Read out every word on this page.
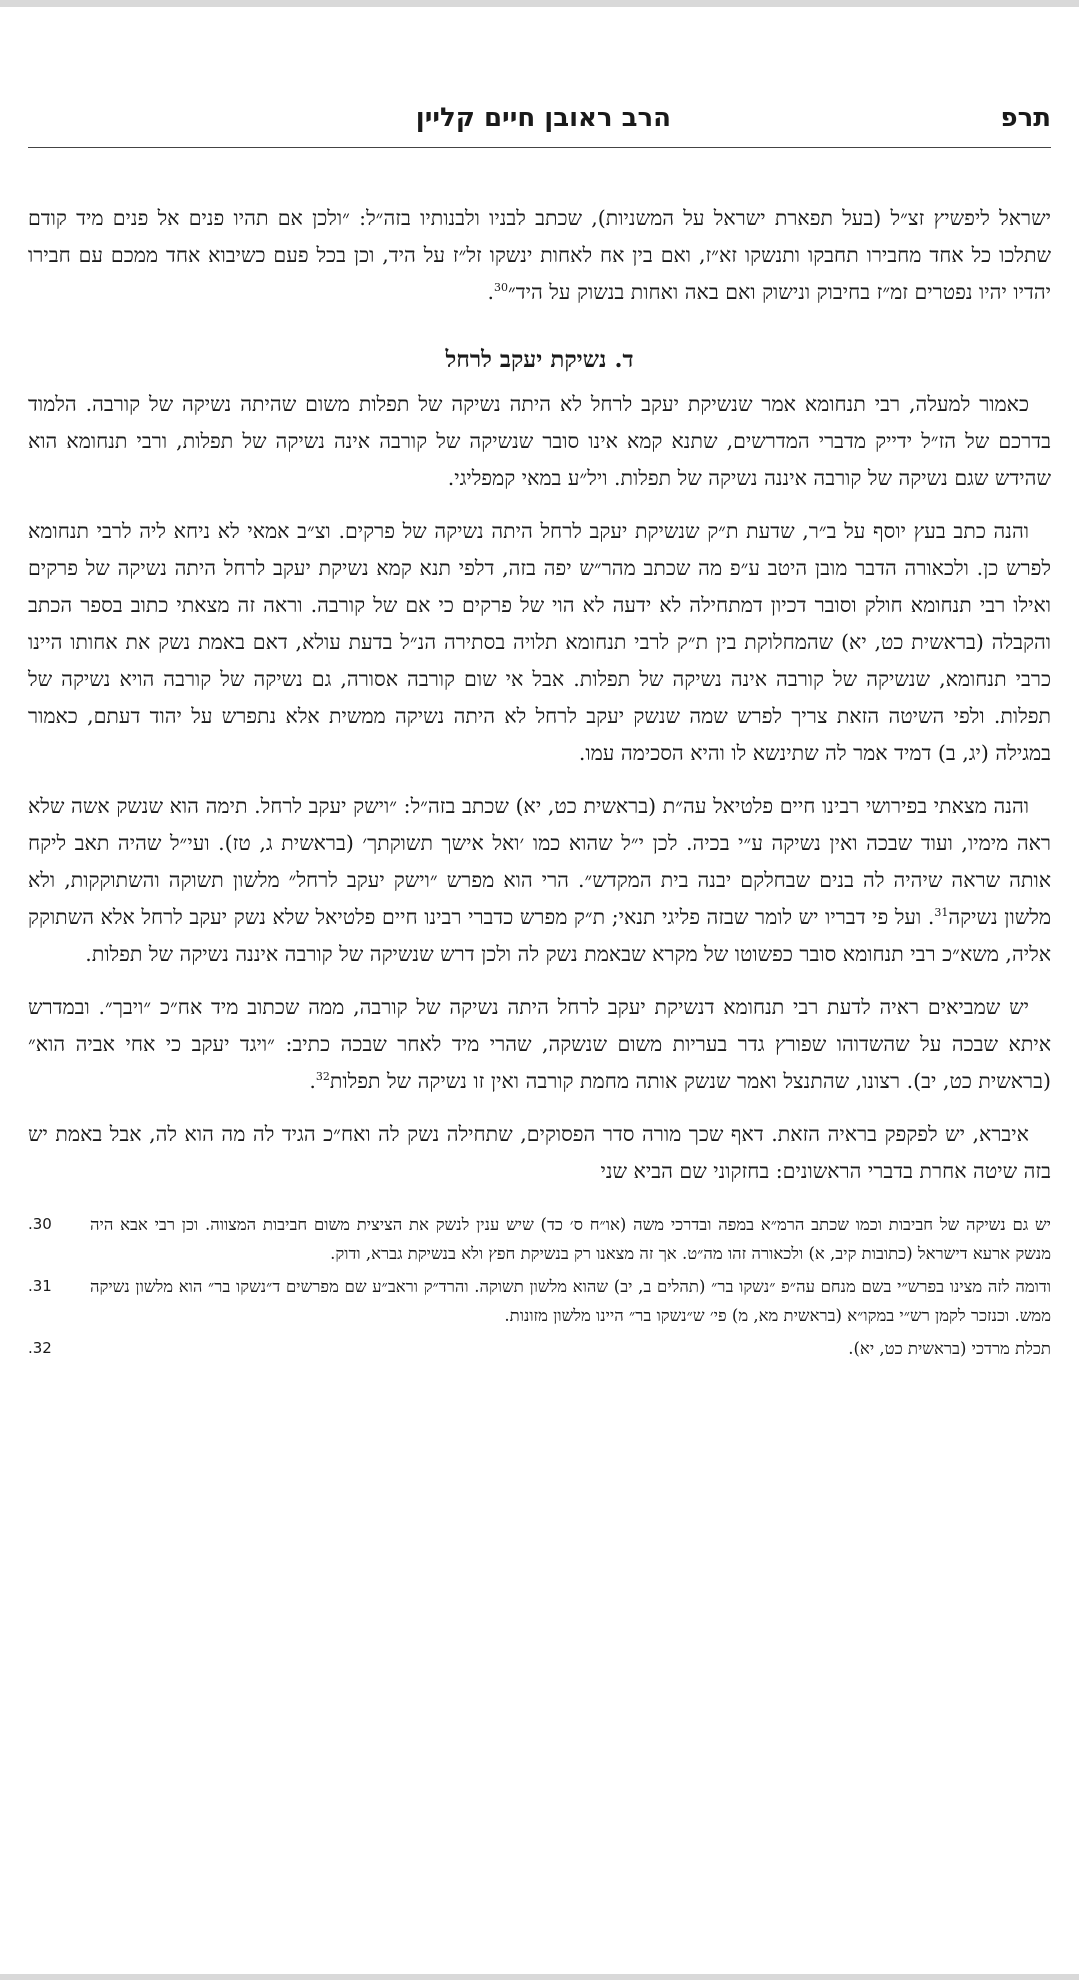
תרפ
הרב ראובן חיים קליין

ישראל ליפשיץ זצ״ל (בעל תפארת ישראל על המשניות), שכתב לבניו ולבנותיו בזה״ל: ״ולכן אם תהיו פנים אל פנים מיד קודם שתלכו כל אחד מחבירו תחבקו ותנשקו זא״ז, ואם בין אח לאחות ינשקו זל״ז על היד, וכן בכל פעם כשיבוא אחד ממכם עם חבירו יהדיו יהיו נפטרים זמ״ז בחיבוק ונישוק ואם באה ואחות בנשוק על היד״$^{30}$.

ד. נשיקת יעקב לרחל

כאמור למעלה, רבי תנחומא אמר שנשיקת יעקב לרחל לא היתה נשיקה של תפלות משום שהיתה נשיקה של קורבה. הלמוד בדרכם של הז״ל ידייק מדברי המדרשים, שתנא קמא אינו סובר שנשיקה של קורבה אינה נשיקה של תפלות, ורבי תנחומא הוא שהידש שגם נשיקה של קורבה איננה נשיקה של תפלות. ויל״ע במאי קמפליגי.

והנה כתב בעץ יוסף על ב״ר, שדעת ת״ק שנשיקת יעקב לרחל היתה נשיקה של פרקים. וצ״ב אמאי לא ניחא ליה לרבי תנחומא לפרש כן. ולכאורה הדבר מובן היטב ע״פ מה שכתב מהר״ש יפה בזה, דלפי תנא קמא נשיקת יעקב לרחל היתה נשיקה של פרקים ואילו רבי תנחומא חולק וסובר דכיון דמתחילה לא ידעה לא הוי של פרקים כי אם של קורבה. וראה זה מצאתי כתוב בספר הכתב והקבלה (בראשית כט, יא) שהמחלוקת בין ת״ק לרבי תנחומא תלויה בסתירה הנ״ל בדעת עולא, דאם באמת נשק את אחותו היינו כרבי תנחומא, שנשיקה של קורבה אינה נשיקה של תפלות. אבל אי שום קורבה אסורה, גם נשיקה של קורבה הויא נשיקה של תפלות. ולפי השיטה הזאת צריך לפרש שמה שנשק יעקב לרחל לא היתה נשיקה ממשית אלא נתפרש על יהוד דעתם, כאמור במגילה (יג, ב) דמיד אמר לה שתינשא לו והיא הסכימה עמו.

והנה מצאתי בפירושי רבינו חיים פלטיאל עה״ת (בראשית כט, יא) שכתב בזה״ל: ״וישק יעקב לרחל. תימה הוא שנשק אשה שלא ראה מימיו, ועוד שבכה ואין נשיקה ע״י בכיה. לכן י״ל שהוא כמו ׳ואל אישך תשוקתך׳ (בראשית ג, טז). ועי״ל שהיה תאב ליקח אותה שראה שיהיה לה בנים שבחלקם יבנה בית המקדש״. הרי הוא מפרש ״וישק יעקב לרחל״ מלשון תשוקה והשתוקקות, ולא מלשון נשיקה$^{31}$. ועל פי דבריו יש לומר שבזה פליגי תנאי; ת״ק מפרש כדברי רבינו חיים פלטיאל שלא נשק יעקב לרחל אלא השתוקק אליה, משא״כ רבי תנחומא סובר כפשוטו של מקרא שבאמת נשק לה ולכן דרש שנשיקה של קורבה איננה נשיקה של תפלות.

יש שמביאים ראיה לדעת רבי תנחומא דנשיקת יעקב לרחל היתה נשיקה של קורבה, ממה שכתוב מיד אח״כ ״ויבך״. ובמדרש איתא שבכה על שהשדוהו שפורץ גדר בעריות משום שנשקה, שהרי מיד לאחר שבכה כתיב: ״ויגד יעקב כי אחי אביה הוא״ (בראשית כט, יב). רצונו, שהתנצל ואמר שנשק אותה מחמת קורבה ואין זו נשיקה של תפלות$^{32}$.

איברא, יש לפקפק בראיה הזאת. דאף שכך מורה סדר הפסוקים, שתחילה נשק לה ואח״כ הגיד לה מה הוא לה, אבל באמת יש בזה שיטה אחרת בדברי הראשונים: בחזקוני שם הביא שני

יש גם נשיקה של חביבות וכמו שכתב הרמ״א במפה ובדרכי משה (או״ח ס׳ כד) שיש ענין לנשק את הציצית משום חביבות המצווה. וכן רבי אבא היה מנשק ארעא דישראל (כתובות קיב, א) ולכאורה זהו מה״ט. אך זה מצאנו רק בנשיקת חפץ ולא בנשיקת גברא, ודוק.
.30
ודומה לזה מצינו בפרש״י בשם מנחם עה״פ ״נשקו בר״ (תהלים ב, יב) שהוא מלשון תשוקה. והרד״ק וראב״ע שם מפרשים ד״נשקו בר״ הוא מלשון נשיקה ממש. וכנזכר לקמן רש״י במקו״א (בראשית מא, מ) פי׳ ש״נשקו בר״ היינו מלשון מזונות.
.31
תכלת מרדכי (בראשית כט, יא).
.32
